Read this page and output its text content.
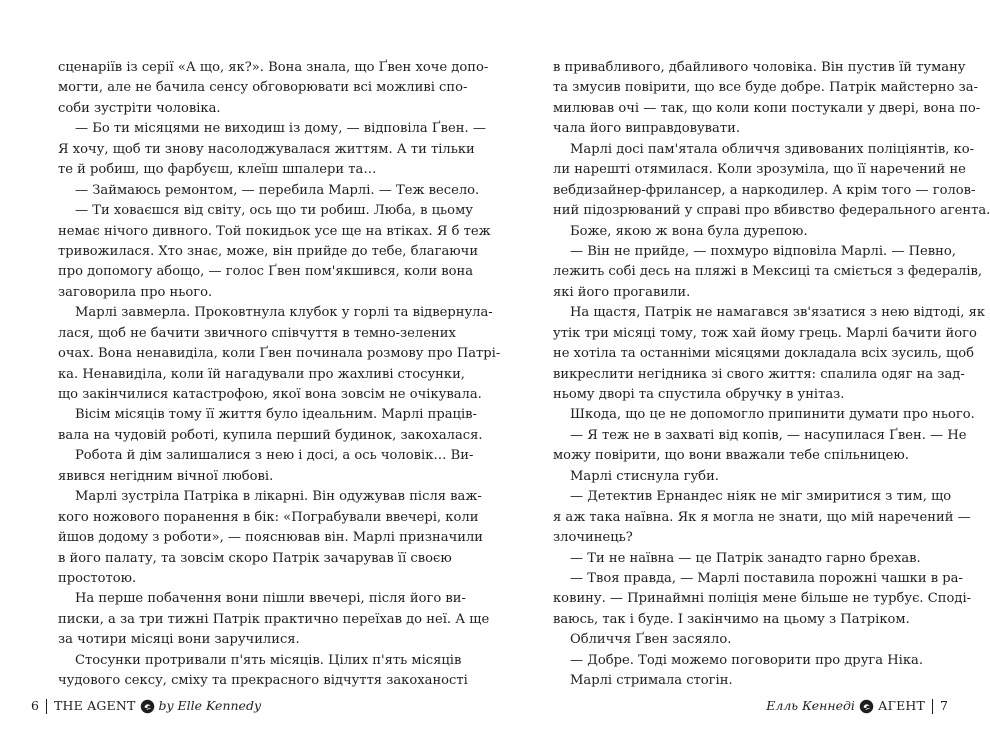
сценаріїв із серії «А що, як?». Вона знала, що Ґвен хоче допо-
могти, але не бачила сенсу обговорювати всі можливі спо-
соби зустріти чоловіка.
— Бо ти місяцями не виходиш із дому, — відповіла Ґвен. —
Я хочу, щоб ти знову насолоджувалася життям. А ти тільки
те й робиш, що фарбуєш, клеїш шпалери та…
— Займаюсь ремонтом, — перебила Марлі. — Теж весело.
— Ти ховаєшся від світу, ось що ти робиш. Люба, в цьому
немає нічого дивного. Той покидьок усе ще на втіках. Я б теж
тривожилася. Хто знає, може, він прийде до тебе, благаючи
про допомогу абощо, — голос Ґвен пом'якшився, коли вона
заговорила про нього.
Марлі завмерла. Проковтнула клубок у горлі та відвернула-
лася, щоб не бачити звичного співчуття в темно-зелених
очах. Вона ненавиділа, коли Ґвен починала розмову про Патрі-
ка. Ненавиділа, коли їй нагадували про жахливі стосунки,
що закінчилися катастрофою, якої вона зовсім не очікувала.
Вісім місяців тому її життя було ідеальним. Марлі праців-
вала на чудовій роботі, купила перший будинок, закохалася.
Робота й дім залишалися з нею і досі, а ось чоловік… Ви-
явився негідним вічної любові.
Марлі зустріла Патріка в лікарні. Він одужував після важ-
кого ножового поранення в бік: «Пограбували ввечері, коли
йшов додому з роботи», — пояснював він. Марлі призначили
в його палату, та зовсім скоро Патрік зачарував її своєю
простотою.
На перше побачення вони пішли ввечері, після його ви-
писки, а за три тижні Патрік практично переїхав до неї. А ще
за чотири місяці вони заручилися.
Стосунки протривали п'ять місяців. Цілих п'ять місяців
чудового сексу, сміху та прекрасного відчуття закоханості
в привабливого, дбайливого чоловіка. Він пустив їй туману
та змусив повірити, що все буде добре. Патрік майстерно за-
милював очі — так, що коли копи постукали у двері, вона по-
чала його виправдовувати.
Марлі досі пам'ятала обличчя здивованих поліціянтів, ко-
ли нарешті отямилася. Коли зрозуміла, що її наречений не
вебдизайнер-фрилансер, а наркодилер. А крім того — голов-
ний підозрюваний у справі про вбивство федерального агента.
Боже, якою ж вона була дурепою.
— Він не прийде, — похмуро відповіла Марлі. — Певно,
лежить собі десь на пляжі в Мексиці та сміється з федералів,
які його прогавили.
На щастя, Патрік не намагався зв'язатися з нею відтоді, як
утік три місяці тому, тож хай йому грець. Марлі бачити його
не хотіла та останніми місяцями докладала всіх зусиль, щоб
викреслити негідника зі свого життя: спалила одяг на зад-
ньому дворі та спустила обручку в унітаз.
Шкода, що це не допомогло припинити думати про нього.
— Я теж не в захваті від копів, — насупилася Ґвен. — Не
можу повірити, що вони вважали тебе спільницею.
Марлі стиснула губи.
— Детектив Ернандес ніяк не міг змиритися з тим, що
я аж така наївна. Як я могла не знати, що мій наречений —
злочинець?
— Ти не наївна — це Патрік занадто гарно брехав.
— Твоя правда, — Марлі поставила порожні чашки в ра-
ковину. — Принаймні поліція мене більше не турбує. Споді-
ваюсь, так і буде. І закінчимо на цьому з Патріком.
Обличчя Ґвен засяяло.
— Добре. Тоді можемо поговорити про друга Ніка.
Марлі стримала стогін.
6 THE AGENT by Elle Kennedy	Елль Кеннеді АГЕНТ 7
